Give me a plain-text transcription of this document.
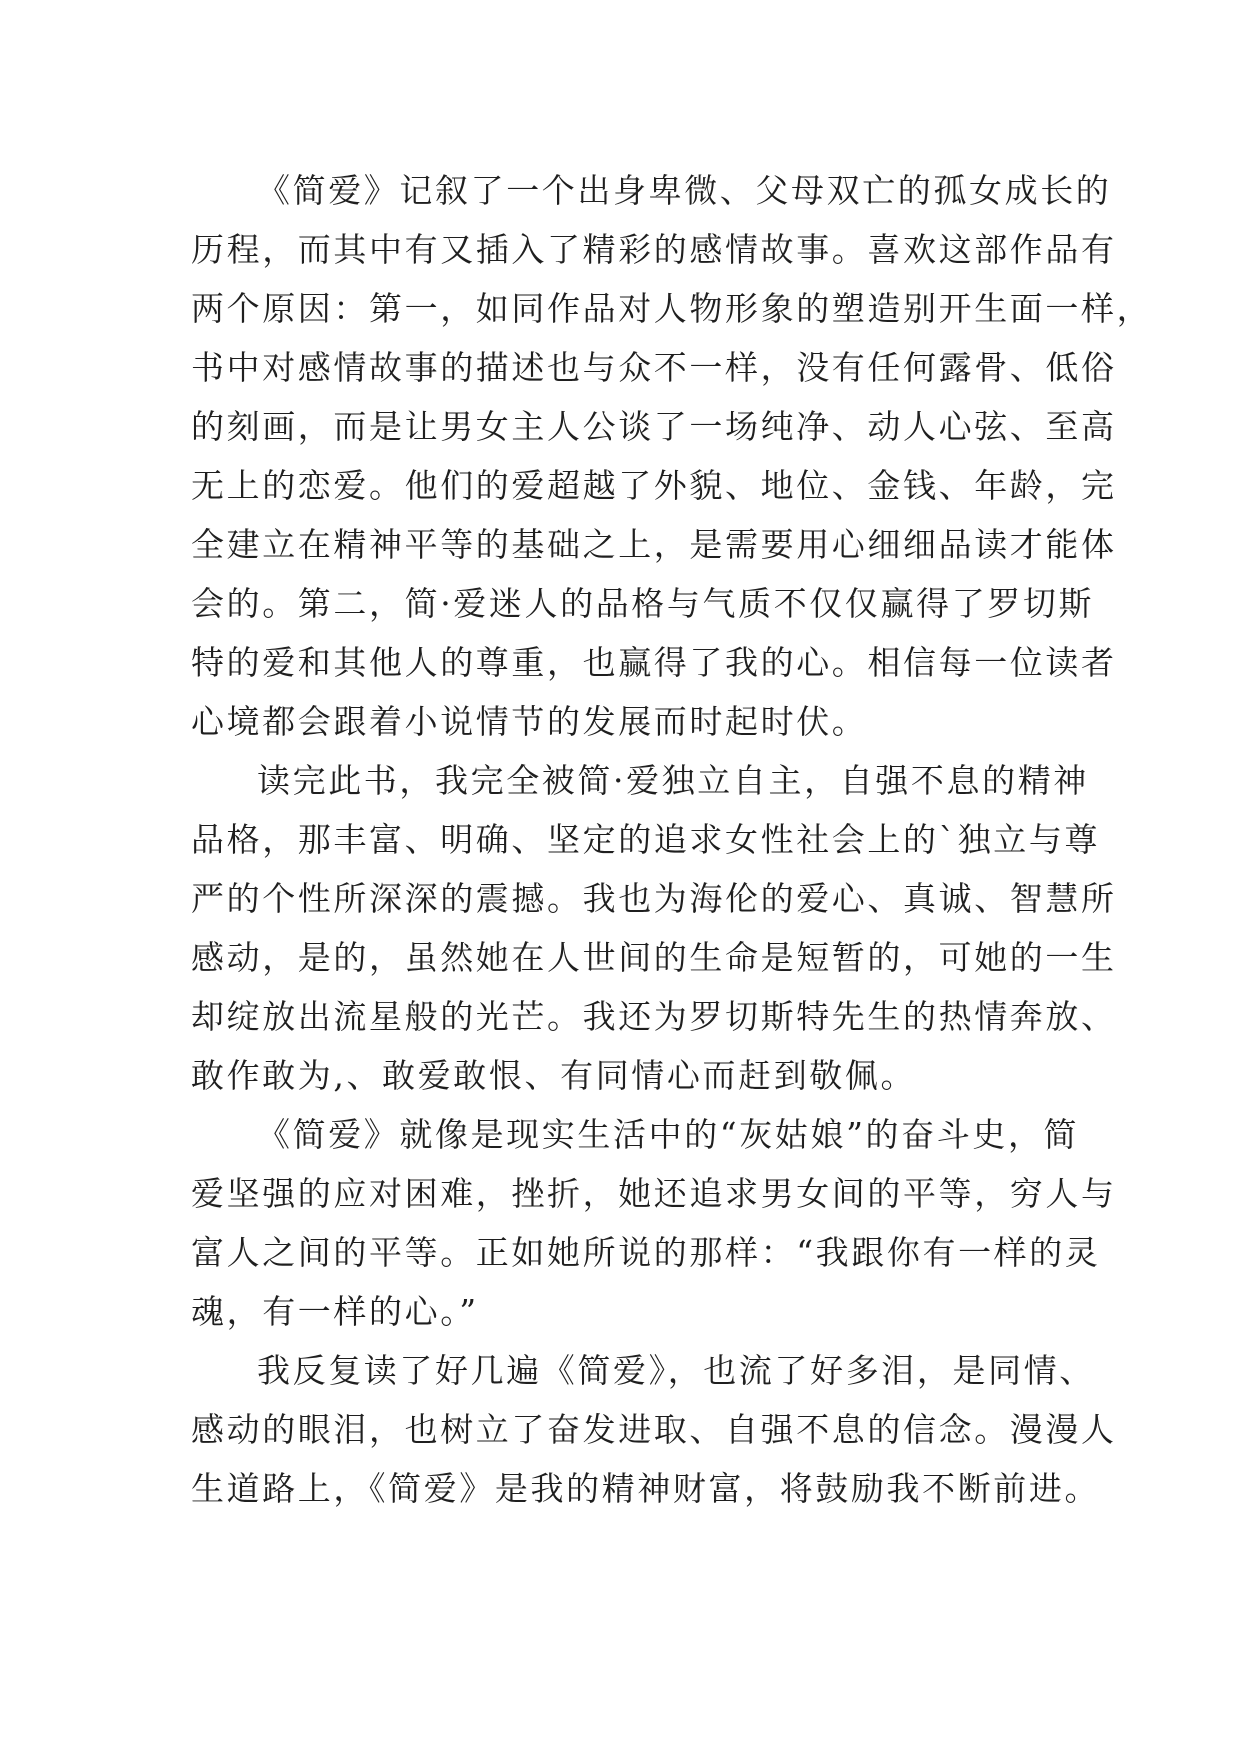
《简爱》记叙了一个出身卑微、父母双亡的孤女成长的
历程，而其中有又插入了精彩的感情故事。喜欢这部作品有
两个原因：第一，如同作品对人物形象的塑造别开生面一样，
书中对感情故事的描述也与众不一样，没有任何露骨、低俗
的刻画，而是让男女主人公谈了一场纯净、动人心弦、至高
无上的恋爱。他们的爱超越了外貌、地位、金钱、年龄，完
全建立在精神平等的基础之上，是需要用心细细品读才能体
会的。第二，简·爱迷人的品格与气质不仅仅赢得了罗切斯
特的爱和其他人的尊重，也赢得了我的心。相信每一位读者
心境都会跟着小说情节的发展而时起时伏。
读完此书，我完全被简·爱独立自主，自强不息的精神
品格，那丰富、明确、坚定的追求女性社会上的`独立与尊
严的个性所深深的震撼。我也为海伦的爱心、真诚、智慧所
感动，是的，虽然她在人世间的生命是短暂的，可她的一生
却绽放出流星般的光芒。我还为罗切斯特先生的热情奔放、
敢作敢为,、敢爱敢恨、有同情心而赶到敬佩。
《简爱》就像是现实生活中的“灰姑娘”的奋斗史，简
爱坚强的应对困难，挫折，她还追求男女间的平等，穷人与
富人之间的平等。正如她所说的那样：“我跟你有一样的灵
魂，有一样的心。”
我反复读了好几遍《简爱》，也流了好多泪，是同情、
感动的眼泪，也树立了奋发进取、自强不息的信念。漫漫人
生道路上，《简爱》是我的精神财富，将鼓励我不断前进。
